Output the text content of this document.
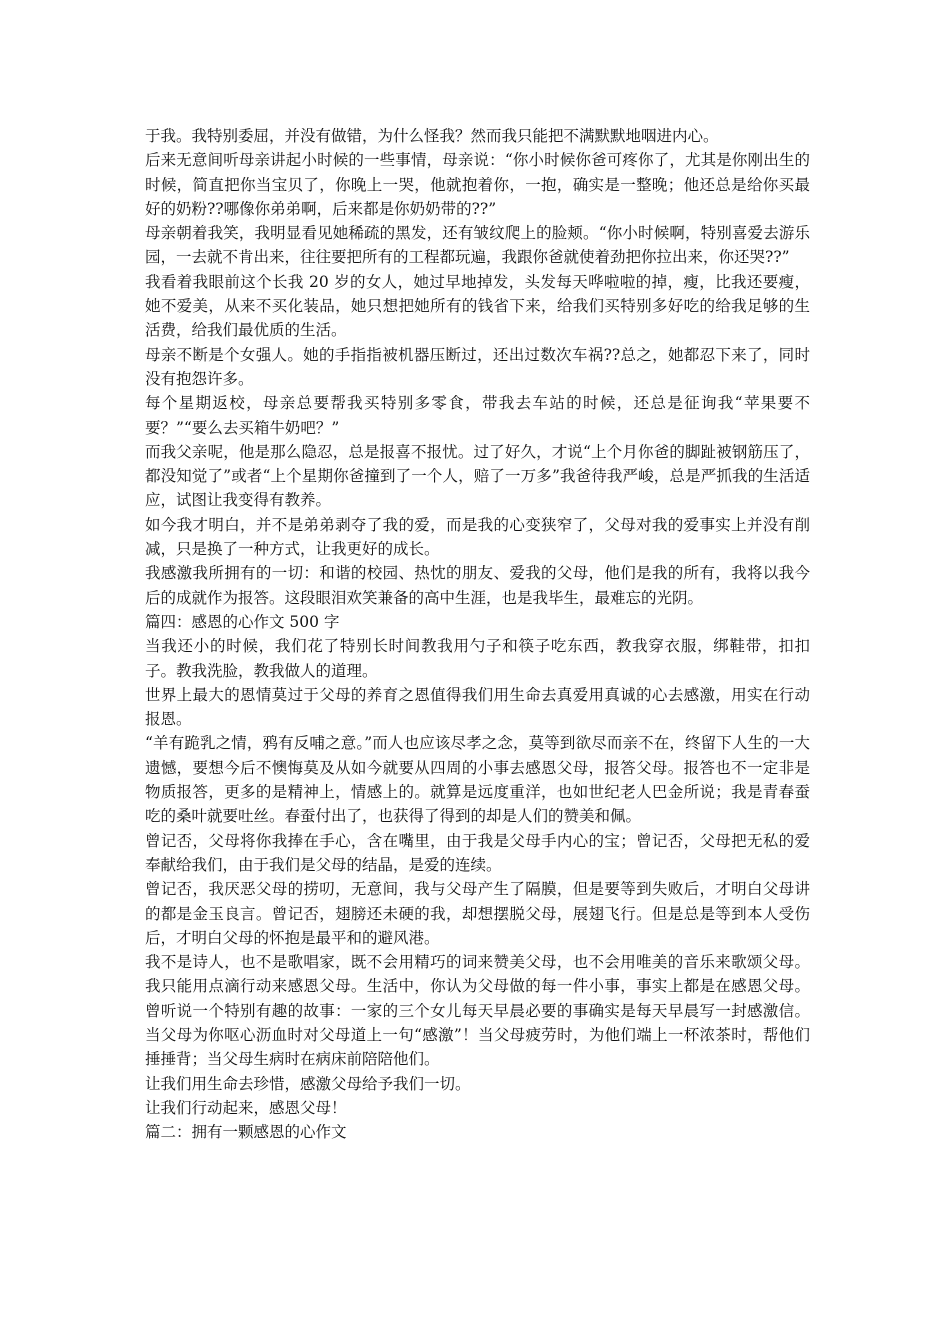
于我。我特别委屈，并没有做错，为什么怪我？然而我只能把不满默默地咽进内心。

后来无意间听母亲讲起小时候的一些事情，母亲说：“你小时候你爸可疼你了，尤其是你刚出生的时候，简直把你当宝贝了，你晚上一哭，他就抱着你，一抱，确实是一整晚；他还总是给你买最好的奶粉??哪像你弟弟啊，后来都是你奶奶带的??”

母亲朝着我笑，我明显看见她稀疏的黑发，还有皱纹爬上的脸颊。“你小时候啊，特别喜爱去游乐园，一去就不肯出来，往往要把所有的工程都玩遍，我跟你爸就使着劲把你拉出来，你还哭??”

我看着我眼前这个长我 20 岁的女人，她过早地掉发，头发每天哗啦啦的掉，瘦，比我还要瘦，她不爱美，从来不买化装品，她只想把她所有的钱省下来，给我们买特别多好吃的给我足够的生活费，给我们最优质的生活。

母亲不断是个女强人。她的手指指被机器压断过，还出过数次车祸??总之，她都忍下来了，同时没有抱怨许多。

每个星期返校，母亲总要帮我买特别多零食，带我去车站的时候，还总是征询我“苹果要不要？”“要么去买箱牛奶吧？”

而我父亲呢，他是那么隐忍，总是报喜不报忧。过了好久，才说“上个月你爸的脚趾被钢筋压了，都没知觉了”或者“上个星期你爸撞到了一个人，赔了一万多”我爸待我严峻，总是严抓我的生活适应，试图让我变得有教养。

如今我才明白，并不是弟弟剥夺了我的爱，而是我的心变狭窄了，父母对我的爱事实上并没有削减，只是换了一种方式，让我更好的成长。

我感激我所拥有的一切：和谐的校园、热忱的朋友、爱我的父母，他们是我的所有，我将以我今后的成就作为报答。这段眼泪欢笑兼备的高中生涯，也是我毕生，最难忘的光阴。

篇四：感恩的心作文 500 字

当我还小的时候，我们花了特别长时间教我用勺子和筷子吃东西，教我穿衣服，绑鞋带，扣扣子。教我洗脸，教我做人的道理。

世界上最大的恩情莫过于父母的养育之恩值得我们用生命去真爱用真诚的心去感激，用实在行动报恩。

“羊有跪乳之情，鸦有反哺之意。”而人也应该尽孝之念，莫等到欲尽而亲不在，终留下人生的一大遗憾，要想今后不懊悔莫及从如今就要从四周的小事去感恩父母，报答父母。报答也不一定非是物质报答，更多的是精神上，情感上的。就算是远度重洋，也如世纪老人巴金所说；我是青春蚕吃的桑叶就要吐丝。春蚕付出了，也获得了得到的却是人们的赞美和佩。

曾记否，父母将你我捧在手心，含在嘴里，由于我是父母手内心的宝；曾记否，父母把无私的爱奉献给我们，由于我们是父母的结晶，是爱的连续。

曾记否，我厌恶父母的捞叨，无意间，我与父母产生了隔膜，但是要等到失败后，才明白父母讲的都是金玉良言。曾记否，翅膀还未硬的我，却想摆脱父母，展翅飞行。但是总是等到本人受伤后，才明白父母的怀抱是最平和的避风港。

我不是诗人，也不是歌唱家，既不会用精巧的词来赞美父母，也不会用唯美的音乐来歌颂父母。我只能用点滴行动来感恩父母。生活中，你认为父母做的每一件小事，事实上都是在感恩父母。曾听说一个特别有趣的故事：一家的三个女儿每天早晨必要的事确实是每天早晨写一封感激信。当父母为你呕心沥血时对父母道上一句“感激”！当父母疲劳时，为他们端上一杯浓茶时，帮他们捶捶背；当父母生病时在病床前陪陪他们。

让我们用生命去珍惜，感激父母给予我们一切。

让我们行动起来，感恩父母！

篇二：拥有一颗感恩的心作文
